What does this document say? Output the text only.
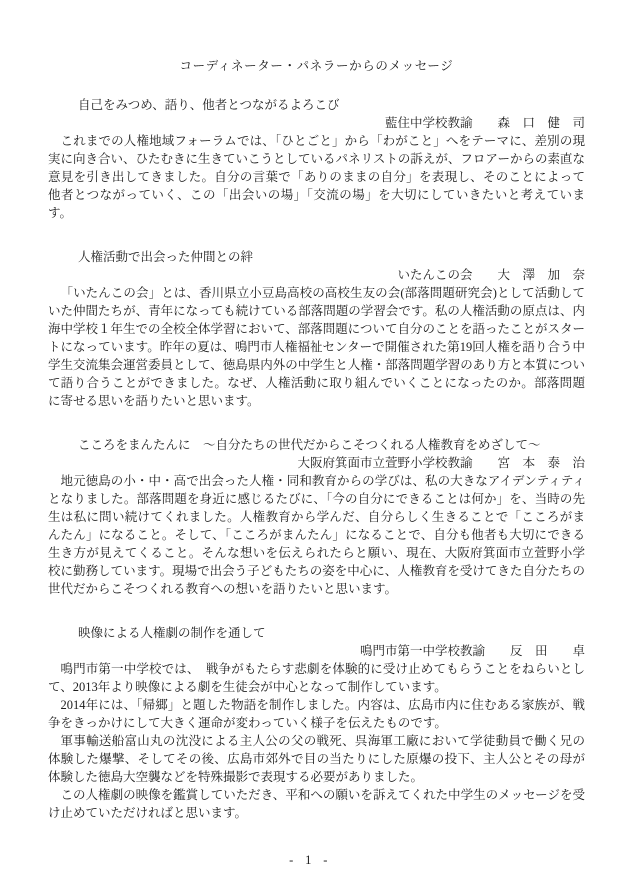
コーディネーター・パネラーからのメッセージ
自己をみつめ、語り、他者とつながるよろこび
藍住中学校教諭　　森　口　健　司

これまでの人権地域フォーラムでは、「ひとごと」から「わがこと」へをテーマに、差別の現実に向き合い、ひたむきに生きていこうとしているパネリストの訴えが、フロアーからの素直な意見を引き出してきました。自分の言葉で「ありのままの自分」を表現し、そのことによって他者とつながっていく、この「出会いの場」「交流の場」を大切にしていきたいと考えています。

人権活動で出会った仲間との絆
いたんこの会　　大　澤　加　奈

「いたんこの会」とは、香川県立小豆島高校の高校生友の会(部落問題研究会)として活動していた仲間たちが、青年になっても続けている部落問題の学習会です。私の人権活動の原点は、内海中学校１年生での全校全体学習において、部落問題について自分のことを語ったことがスタートになっています。昨年の夏は、鳴門市人権福祉センターで開催された第19回人権を語り合う中学生交流集会運営委員として、徳島県内外の中学生と人権・部落問題学習のあり方と本質について語り合うことができました。なぜ、人権活動に取り組んでいくことになったのか。部落問題に寄せる思いを語りたいと思います。

こころをまんたんに　～自分たちの世代だからこそつくれる人権教育をめざして～
大阪府箕面市立萱野小学校教諭　　宮　本　泰　治

地元徳島の小・中・高で出会った人権・同和教育からの学びは、私の大きなアイデンティティとなりました。部落問題を身近に感じるたびに、「今の自分にできることは何か」を、当時の先生は私に問い続けてくれました。人権教育から学んだ、自分らしく生きることで「こころがまんたん」になること。そして、「こころがまんたん」になることで、自分も他者も大切にできる生き方が見えてくること。そんな想いを伝えられたらと願い、現在、大阪府箕面市立萱野小学校に勤務しています。現場で出会う子どもたちの姿を中心に、人権教育を受けてきた自分たちの世代だからこそつくれる教育への想いを語りたいと思います。

映像による人権劇の制作を通して
鳴門市第一中学校教諭　　反　田　　卓

鳴門市第一中学校では、　戦争がもたらす悲劇を体験的に受け止めてもらうことをねらいとして、2013年より映像による劇を生徒会が中心となって制作しています。

2014年には、「帰郷」と題した物語を制作しました。内容は、広島市内に住むある家族が、戦争をきっかけにして大きく運命が変わっていく様子を伝えたものです。

軍事輸送船富山丸の沈没による主人公の父の戦死、呉海軍工廠において学徒動員で働く兄の体験した爆撃、そしてその後、広島市郊外で目の当たりにした原爆の投下、主人公とその母が体験した徳島大空襲などを特殊撮影で表現する必要がありました。

この人権劇の映像を鑑賞していただき、平和への願いを訴えてくれた中学生のメッセージを受け止めていただければと思います。

- 1 -
